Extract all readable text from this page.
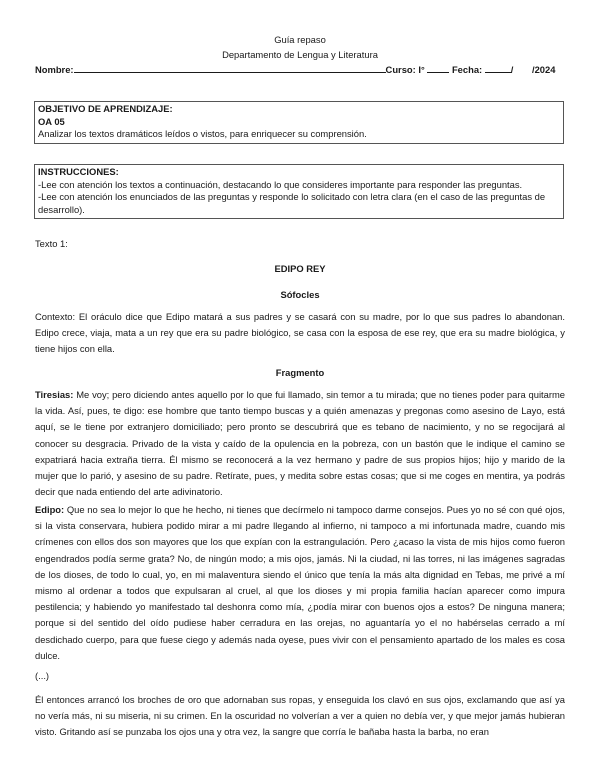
Guía repaso
Departamento de Lengua y Literatura
Nombre:	Curso: I°	Fecha:	/ /2024
OBJETIVO DE APRENDIZAJE:
OA 05
Analizar los textos dramáticos leídos o vistos, para enriquecer su comprensión.
INSTRUCCIONES:
-Lee con atención los textos a continuación, destacando lo que consideres importante para responder las preguntas.
-Lee con atención los enunciados de las preguntas y responde lo solicitado con letra clara (en el caso de las preguntas de desarrollo).
Texto 1:
EDIPO REY
Sófocles
Contexto: El oráculo dice que Edipo matará a sus padres y se casará con su madre, por lo que sus padres lo abandonan. Edipo crece, viaja, mata a un rey que era su padre biológico, se casa con la esposa de ese rey, que era su madre biológica, y tiene hijos con ella.
Fragmento
Tiresias: Me voy; pero diciendo antes aquello por lo que fui llamado, sin temor a tu mirada; que no tienes poder para quitarme la vida. Así, pues, te digo: ese hombre que tanto tiempo buscas y a quién amenazas y pregonas como asesino de Layo, está aquí, se le tiene por extranjero domiciliado; pero pronto se descubrirá que es tebano de nacimiento, y no se regocijará al conocer su desgracia. Privado de la vista y caído de la opulencia en la pobreza, con un bastón que le indique el camino se expatriará hacia extraña tierra. Él mismo se reconocerá a la vez hermano y padre de sus propios hijos; hijo y marido de la mujer que lo parió, y asesino de su padre. Retírate, pues, y medita sobre estas cosas; que si me coges en mentira, ya podrás decir que nada entiendo del arte adivinatorio.
Edipo: Que no sea lo mejor lo que he hecho, ni tienes que decírmelo ni tampoco darme consejos. Pues yo no sé con qué ojos, si la vista conservara, hubiera podido mirar a mi padre llegando al infierno, ni tampoco a mi infortunada madre, cuando mis crímenes con ellos dos son mayores que los que expían con la estrangulación. Pero ¿acaso la vista de mis hijos como fueron engendrados podía serme grata? No, de ningún modo; a mis ojos, jamás. Ni la ciudad, ni las torres, ni las imágenes sagradas de los dioses, de todo lo cual, yo, en mi malaventura siendo el único que tenía la más alta dignidad en Tebas, me privé a mí mismo al ordenar a todos que expulsaran al cruel, al que los dioses y mi propia familia hacían aparecer como impura pestilencia; y habiendo yo manifestado tal deshonra como mía, ¿podía mirar con buenos ojos a estos? De ninguna manera; porque si del sentido del oído pudiese haber cerradura en las orejas, no aguantaría yo el no habérselas cerrado a mí desdichado cuerpo, para que fuese ciego y además nada oyese, pues vivir con el pensamiento apartado de los males es cosa dulce.
(...)
Él entonces arrancó los broches de oro que adornaban sus ropas, y enseguida los clavó en sus ojos, exclamando que así ya no vería más, ni su miseria, ni su crimen. En la oscuridad no volverían a ver a quien no debía ver, y que mejor jamás hubieran visto. Gritando así se punzaba los ojos una y otra vez, la sangre que corría le bañaba hasta la barba, no eran
